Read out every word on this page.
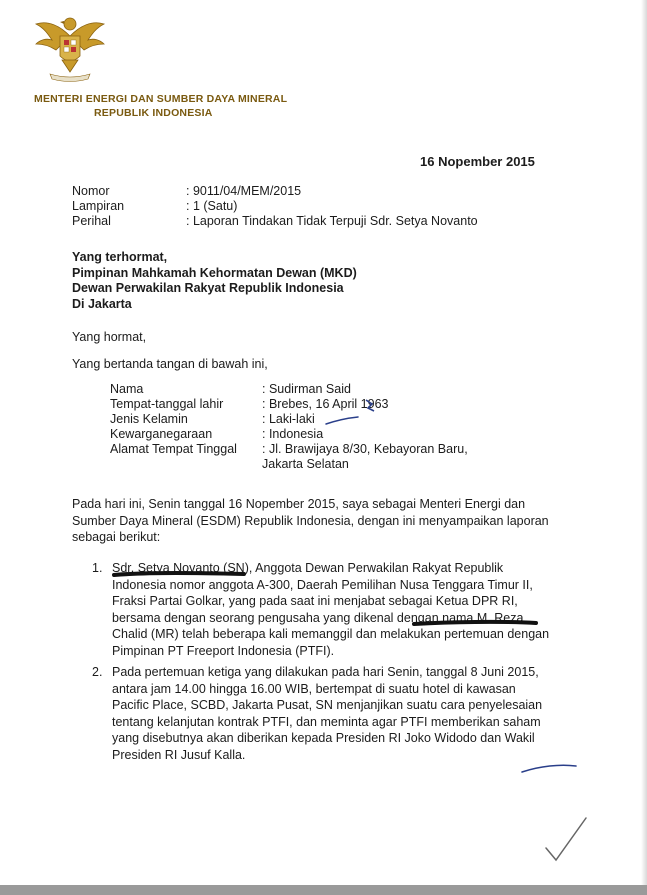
MENTERI ENERGI DAN SUMBER DAYA MINERAL
REPUBLIK INDONESIA
16 Nopember 2015
Nomor	: 9011/04/MEM/2015
Lampiran	: 1 (Satu)
Perihal	: Laporan Tindakan Tidak Terpuji Sdr. Setya Novanto
Yang terhormat,
Pimpinan Mahkamah Kehormatan Dewan (MKD)
Dewan Perwakilan Rakyat Republik Indonesia
Di Jakarta
Yang hormat,
Yang bertanda tangan di bawah ini,
Nama	: Sudirman Said
Tempat-tanggal lahir	: Brebes, 16 April 1963
Jenis Kelamin	: Laki-laki
Kewarganegaraan	: Indonesia
Alamat Tempat Tinggal	: Jl. Brawijaya 8/30, Kebayoran Baru,
Jakarta Selatan
Pada hari ini, Senin tanggal 16 Nopember 2015, saya sebagai Menteri Energi dan Sumber Daya Mineral (ESDM) Republik Indonesia, dengan ini menyampaikan laporan sebagai berikut:
1. Sdr. Setya Novanto (SN), Anggota Dewan Perwakilan Rakyat Republik Indonesia nomor anggota A-300, Daerah Pemilihan Nusa Tenggara Timur II, Fraksi Partai Golkar, yang pada saat ini menjabat sebagai Ketua DPR RI, bersama dengan seorang pengusaha yang dikenal dengan nama M. Reza Chalid (MR) telah beberapa kali memanggil dan melakukan pertemuan dengan Pimpinan PT Freeport Indonesia (PTFI).
2. Pada pertemuan ketiga yang dilakukan pada hari Senin, tanggal 8 Juni 2015, antara jam 14.00 hingga 16.00 WIB, bertempat di suatu hotel di kawasan Pacific Place, SCBD, Jakarta Pusat, SN menjanjikan suatu cara penyelesaian tentang kelanjutan kontrak PTFI, dan meminta agar PTFI memberikan saham yang disebutnya akan diberikan kepada Presiden RI Joko Widodo dan Wakil Presiden RI Jusuf Kalla.
